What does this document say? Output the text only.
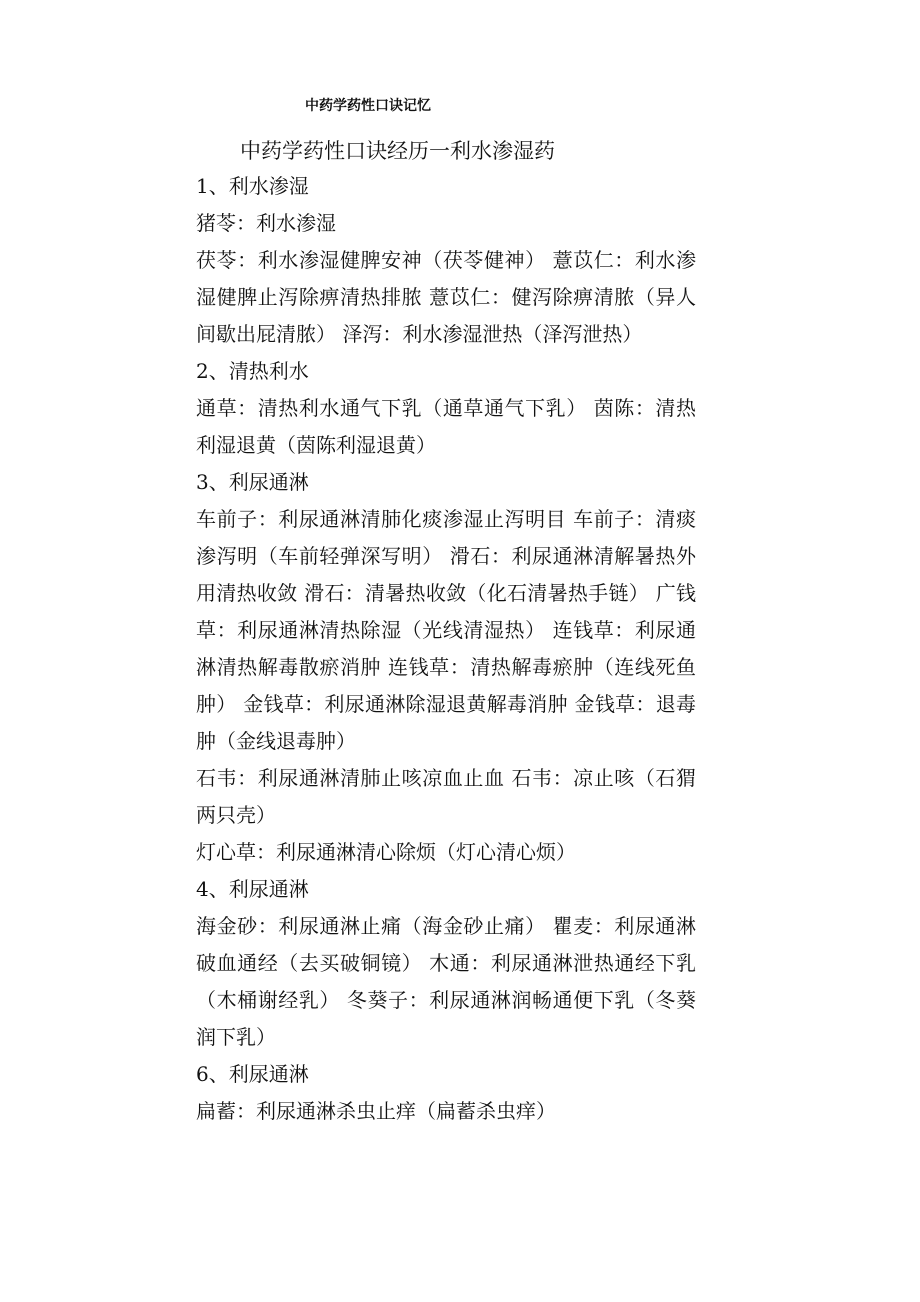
中药学药性口诀记忆
中药学药性口诀经历一利水渗湿药

1、利水渗湿

猪苓：利水渗湿

茯苓：利水渗湿健脾安神（茯苓健神） 薏苡仁：利水渗湿健脾止泻除痹清热排脓 薏苡仁：健泻除痹清脓（异人间歇出屁清脓） 泽泻：利水渗湿泄热（泽泻泄热）

2、清热利水

通草：清热利水通气下乳（通草通气下乳） 茵陈：清热利湿退黄（茵陈利湿退黄）

3、利尿通淋

车前子：利尿通淋清肺化痰渗湿止泻明目 车前子：清痰渗泻明（车前轻弹深写明） 滑石：利尿通淋清解暑热外用清热收敛 滑石：清暑热收敛（化石清暑热手链） 广钱草：利尿通淋清热除湿（光线清湿热） 连钱草：利尿通淋清热解毒散瘀消肿 连钱草：清热解毒瘀肿（连线死鱼肿） 金钱草：利尿通淋除湿退黄解毒消肿 金钱草：退毒肿（金线退毒肿）

石韦：利尿通淋清肺止咳凉血止血 石韦：凉止咳（石猬两只壳）

灯心草：利尿通淋清心除烦（灯心清心烦）

4、利尿通淋

海金砂：利尿通淋止痛（海金砂止痛） 瞿麦：利尿通淋破血通经（去买破铜镜） 木通：利尿通淋泄热通经下乳（木桶谢经乳） 冬葵子：利尿通淋润畅通便下乳（冬葵润下乳）

6、利尿通淋

扁蓄：利尿通淋杀虫止痒（扁蓄杀虫痒）
